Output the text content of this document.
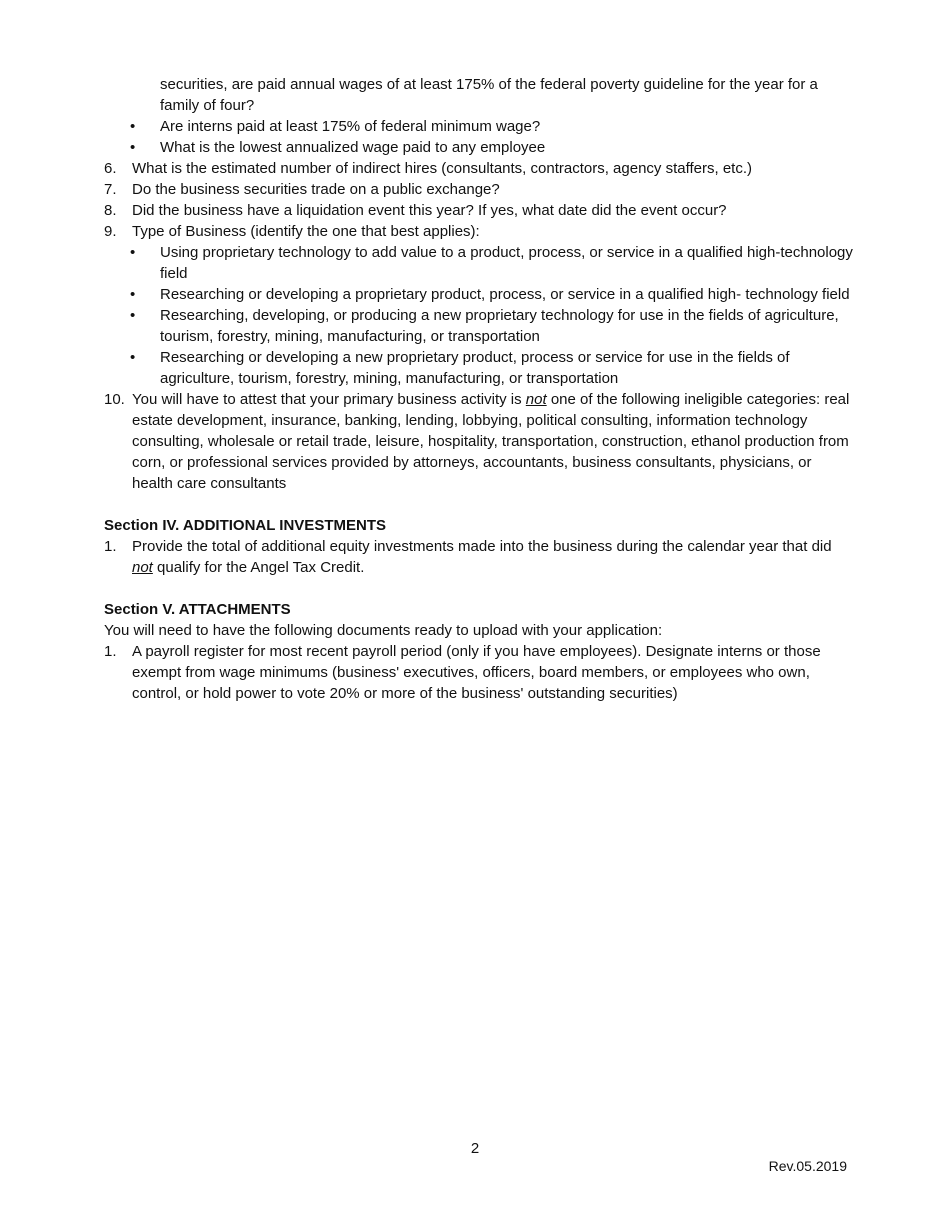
securities, are paid annual wages of at least 175% of the federal poverty guideline for the year for a family of four?
• Are interns paid at least 175% of federal minimum wage?
• What is the lowest annualized wage paid to any employee
6.	What is the estimated number of indirect hires (consultants, contractors, agency staffers, etc.)
7.	Do the business securities trade on a public exchange?
8.	Did the business have a liquidation event this year? If yes, what date did the event occur?
9.	Type of Business (identify the one that best applies):
• Using proprietary technology to add value to a product, process, or service in a qualified high-technology field
• Researching or developing a proprietary product, process, or service in a qualified high- technology field
• Researching, developing, or producing a new proprietary technology for use in the fields of agriculture, tourism, forestry, mining, manufacturing, or transportation
• Researching or developing a new proprietary product, process or service for use in the fields of agriculture, tourism, forestry, mining, manufacturing, or transportation
10. You will have to attest that your primary business activity is not one of the following ineligible categories: real estate development, insurance, banking, lending, lobbying, political consulting, information technology consulting, wholesale or retail trade, leisure, hospitality, transportation, construction, ethanol production from corn, or professional services provided by attorneys, accountants, business consultants, physicians, or health care consultants
Section IV. ADDITIONAL INVESTMENTS
1.	Provide the total of additional equity investments made into the business during the calendar year that did not qualify for the Angel Tax Credit.
Section V. ATTACHMENTS
You will need to have the following documents ready to upload with your application:
1.	A payroll register for most recent payroll period (only if you have employees). Designate interns or those exempt from wage minimums (business' executives, officers, board members, or employees who own, control, or hold power to vote 20% or more of the business' outstanding securities)
2
Rev.05.2019
